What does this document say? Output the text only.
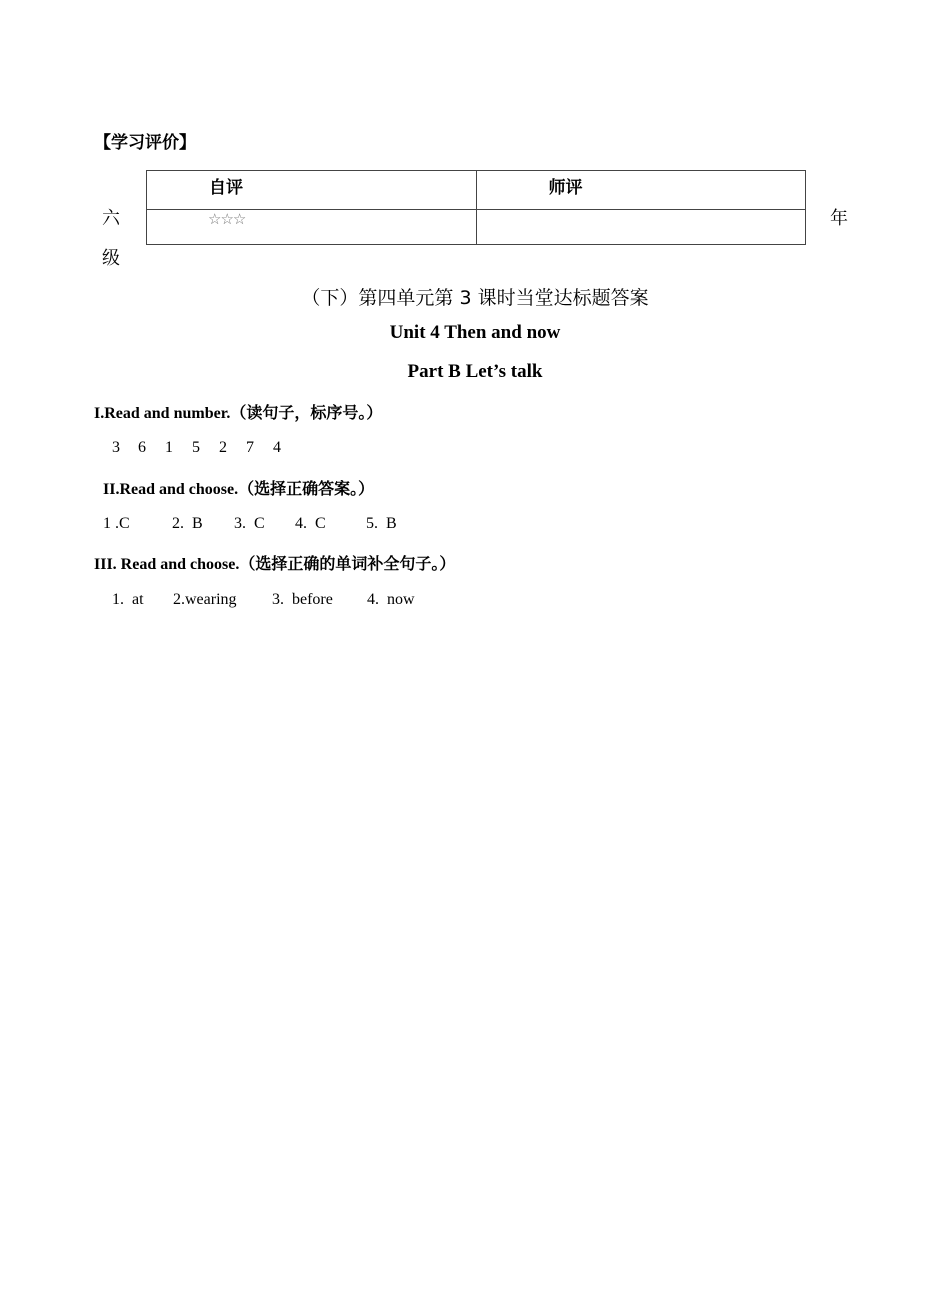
【学习评价】
自评	师评

☆☆☆	

六	年
级
（下）第四单元第 3 课时当堂达标题答案
Unit 4 Then and now
Part B Let’s talk
I.Read and number.（读句子，标序号。）
3 6 1 5 2 7 4
II.Read and choose.（选择正确答案。）
1 .C	2.  B 3.  C 4.  C	5.  B
III. Read and choose.（选择正确的单词补全句子。）
1.  at 2.wearing 3.  before 4.  now
